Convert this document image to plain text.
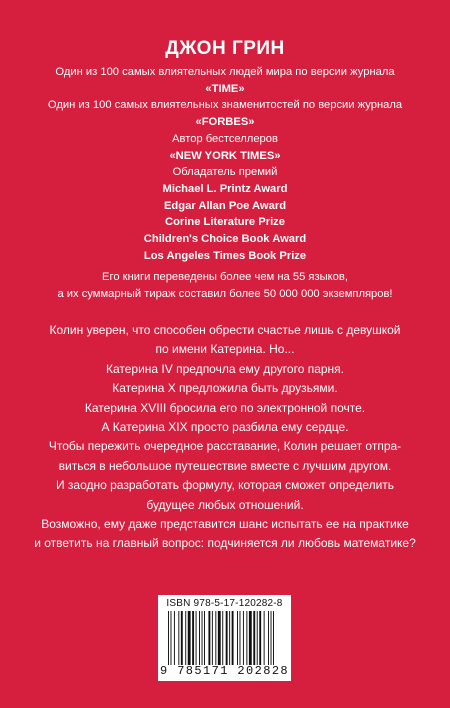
ДЖОН ГРИН
Один из 100 самых влиятельных людей мира по версии журнала
«TIME»
Один из 100 самых влиятельных знаменитостей по версии журнала
«FORBES»
Автор бестселлеров
«NEW YORK TIMES»
Обладатель премий
Michael L. Printz Award
Edgar Allan Poe Award
Corine Literature Prize
Children's Choice Book Award
Los Angeles Times Book Prize
Его книги переведены более чем на 55 языков,
а их суммарный тираж составил более 50 000 000 экземпляров!
Колин уверен, что способен обрести счастье лишь с девушкой
по имени Катерина. Но...
Катерина IV предпочла ему другого парня.
Катерина X предложила быть друзьями.
Катерина XVIII бросила его по электронной почте.
А Катерина XIX просто разбила ему сердце.
Чтобы пережить очередное расставание, Колин решает отпра-
виться в небольшое путешествие вместе с лучшим другом.
И заодно разработать формулу, которая сможет определить
будущее любых отношений.
Возможно, ему даже представится шанс испытать ее на практике
и ответить на главный вопрос: подчиняется ли любовь математике?
ISBN 978-5-17-120282-8
9 785171 202828
